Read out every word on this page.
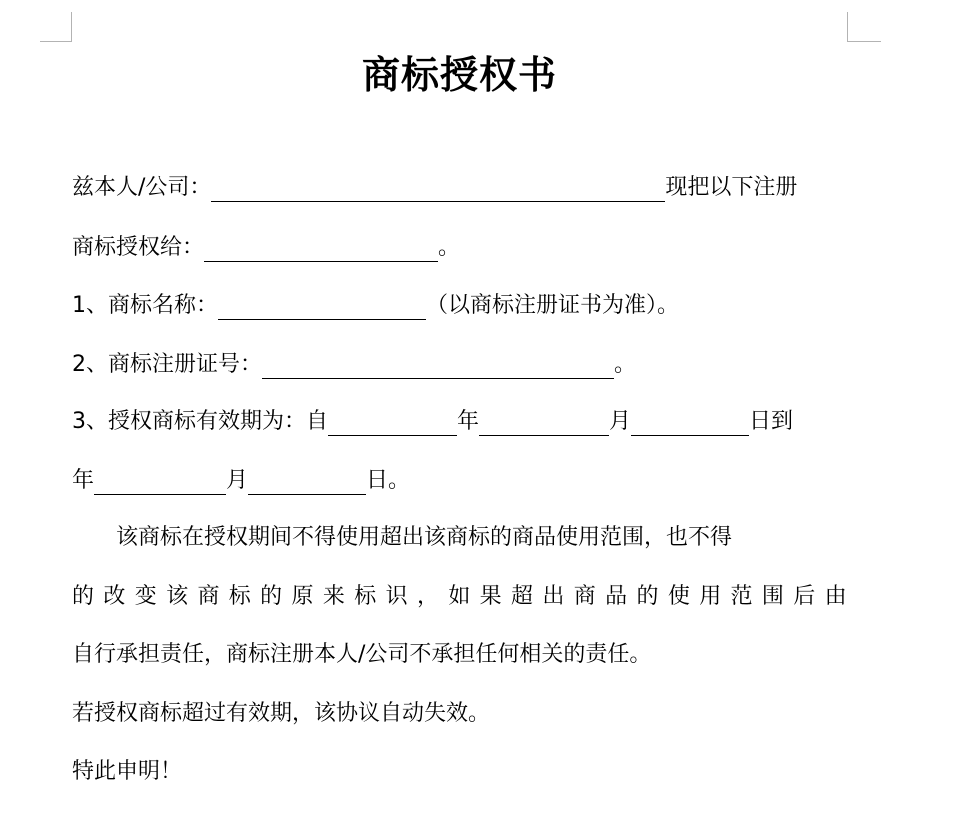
商标授权书
兹本人/公司：	现把以下注册
商标授权给：	。
1、商标名称：	（以商标注册证书为准）。
2、商标注册证号：	。
3、授权商标有效期为：自	年	月	日到
年	月	日。
　　该商标在授权期间不得使用超出该商标的商品使用范围，也不得
的 改 变 该 商 标 的 原 来 标 识 ， 如 果 超 出 商 品 的 使 用 范 围 后 由
自行承担责任，商标注册本人/公司不承担任何相关的责任。
若授权商标超过有效期，该协议自动失效。
特此申明！
